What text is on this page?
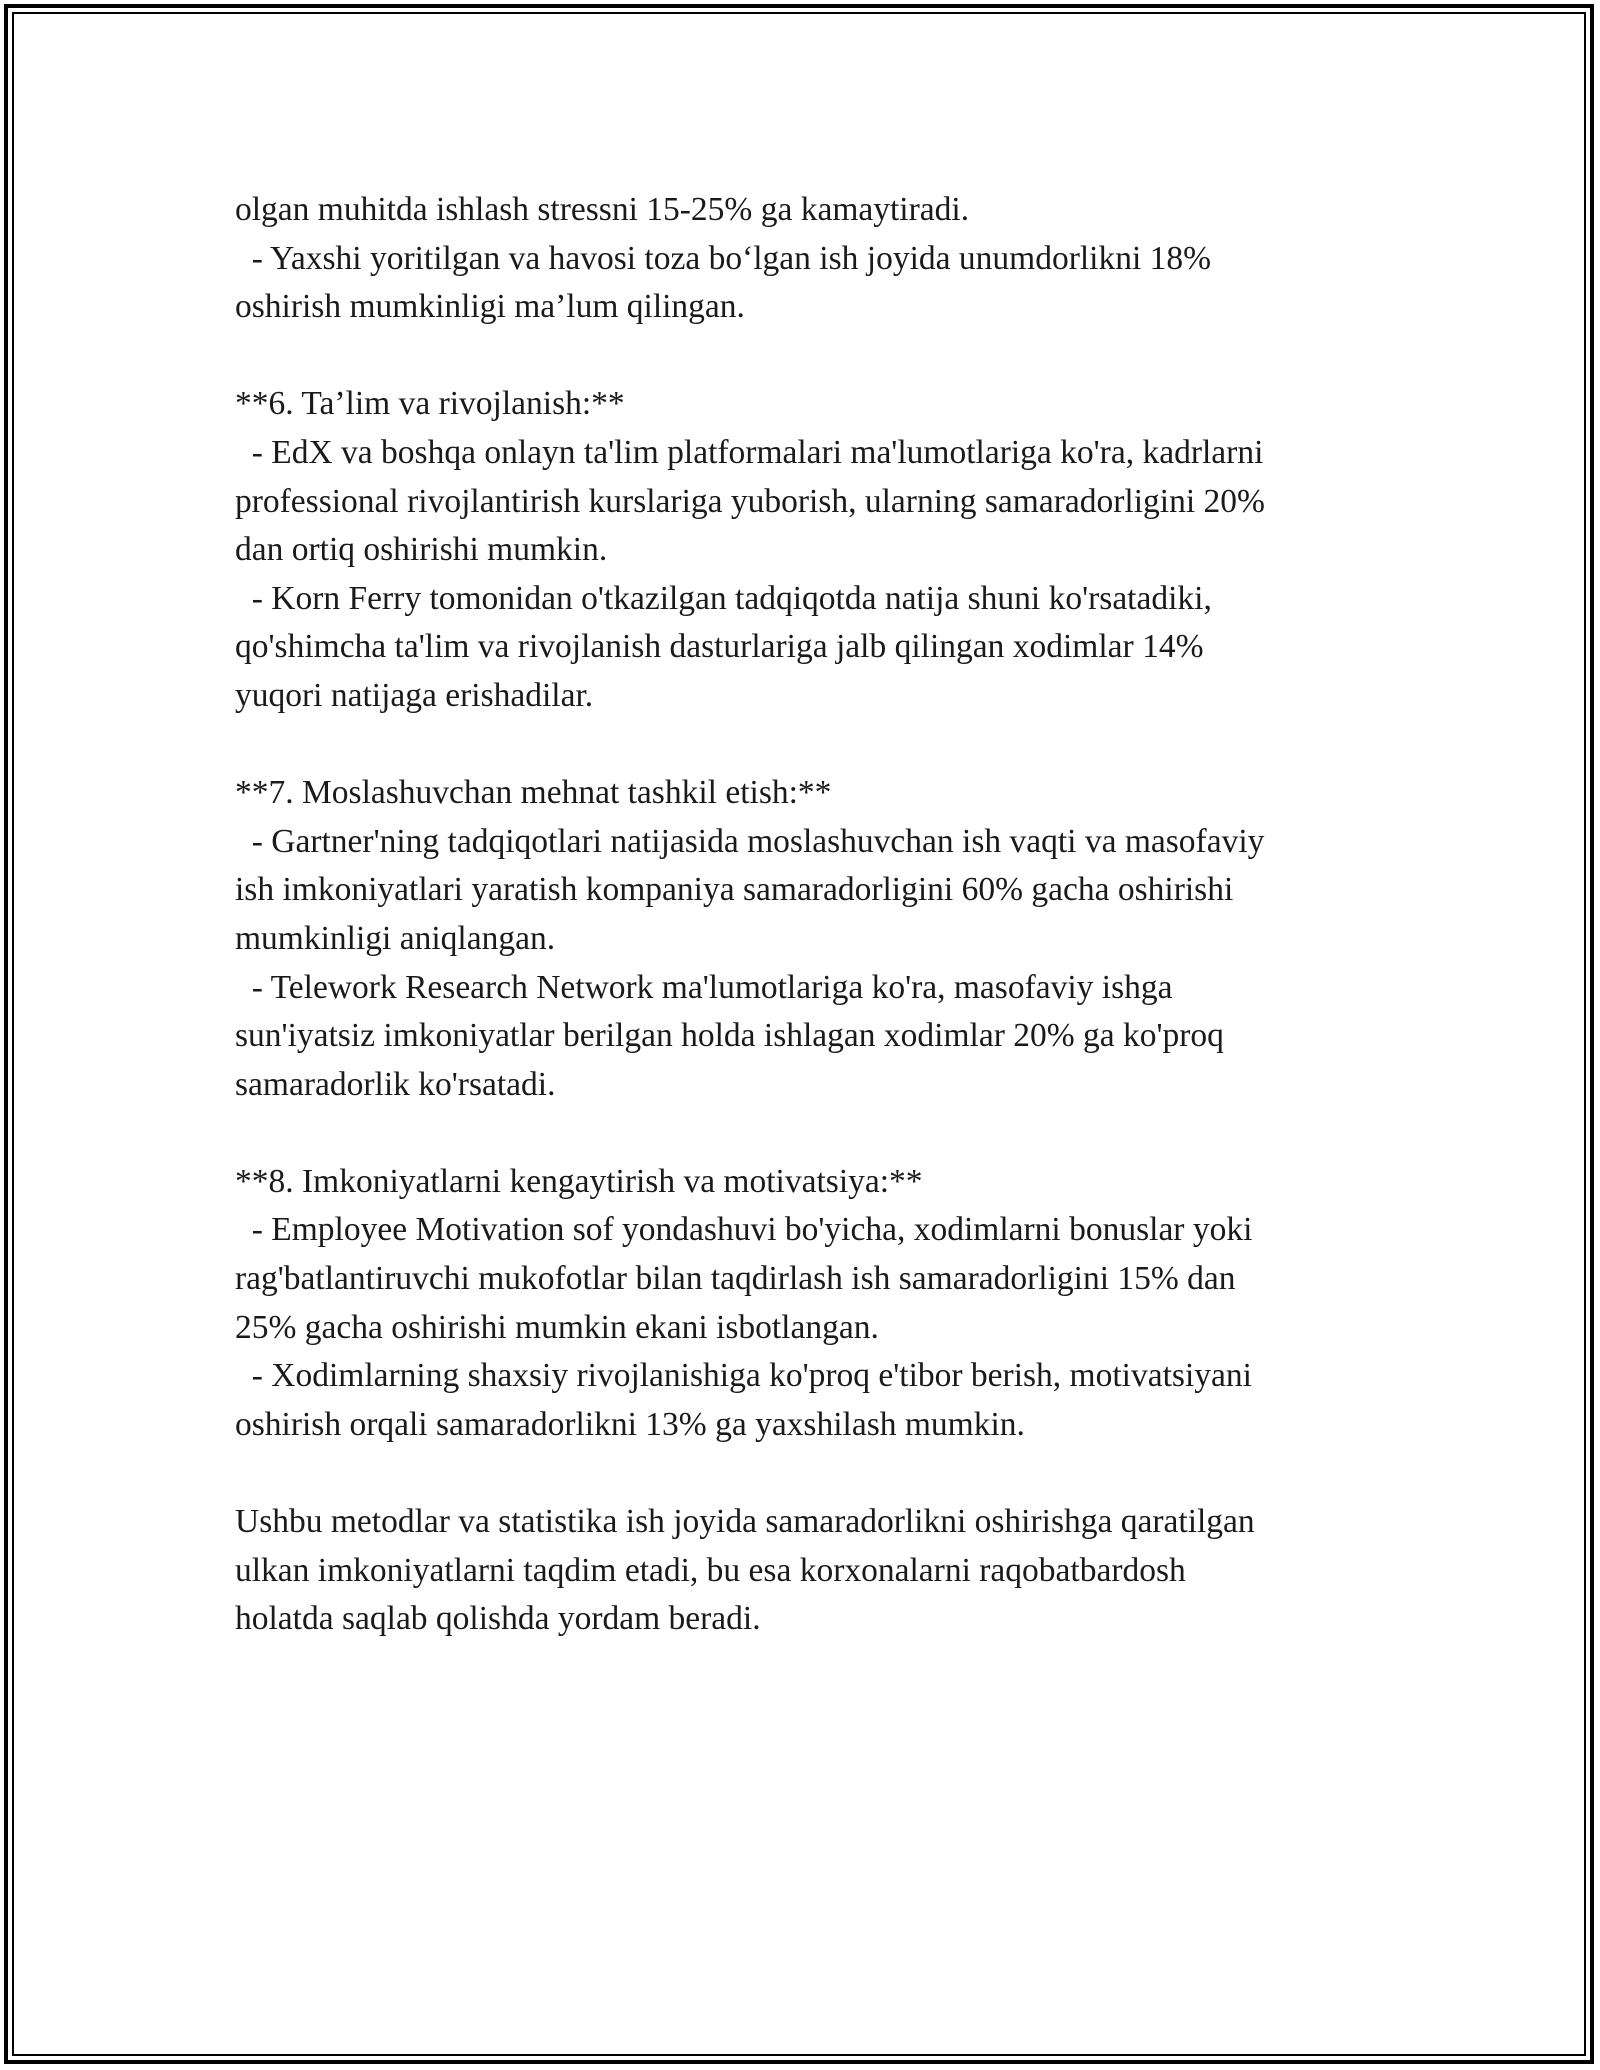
olgan muhitda ishlash stressni 15-25% ga kamaytiradi.
- Yaxshi yoritilgan va havosi toza bo‘lgan ish joyida unumdorlikni 18%
oshirish mumkinligi ma’lum qilingan.
**6. Ta’lim va rivojlanish:**
- EdX va boshqa onlayn ta'lim platformalari ma'lumotlariga ko'ra, kadrlarni
professional rivojlantirish kurslariga yuborish, ularning samaradorligini 20%
dan ortiq oshirishi mumkin.
- Korn Ferry tomonidan o'tkazilgan tadqiqotda natija shuni ko'rsatadiki,
qo'shimcha ta'lim va rivojlanish dasturlariga jalb qilingan xodimlar 14%
yuqori natijaga erishadilar.
**7. Moslashuvchan mehnat tashkil etish:**
- Gartner'ning tadqiqotlari natijasida moslashuvchan ish vaqti va masofaviy
ish imkoniyatlari yaratish kompaniya samaradorligini 60% gacha oshirishi
mumkinligi aniqlangan.
- Telework Research Network ma'lumotlariga ko'ra, masofaviy ishga
sun'iyatsiz imkoniyatlar berilgan holda ishlagan xodimlar 20% ga ko'proq
samaradorlik ko'rsatadi.
**8. Imkoniyatlarni kengaytirish va motivatsiya:**
- Employee Motivation sof yondashuvi bo'yicha, xodimlarni bonuslar yoki
rag'batlantiruvchi mukofotlar bilan taqdirlash ish samaradorligini 15% dan
25% gacha oshirishi mumkin ekani isbotlangan.
- Xodimlarning shaxsiy rivojlanishiga ko'proq e'tibor berish, motivatsiyani
oshirish orqali samaradorlikni 13% ga yaxshilash mumkin.
Ushbu metodlar va statistika ish joyida samaradorlikni oshirishga qaratilgan
ulkan imkoniyatlarni taqdim etadi, bu esa korxonalarni raqobatbardosh
holatda saqlab qolishda yordam beradi.
